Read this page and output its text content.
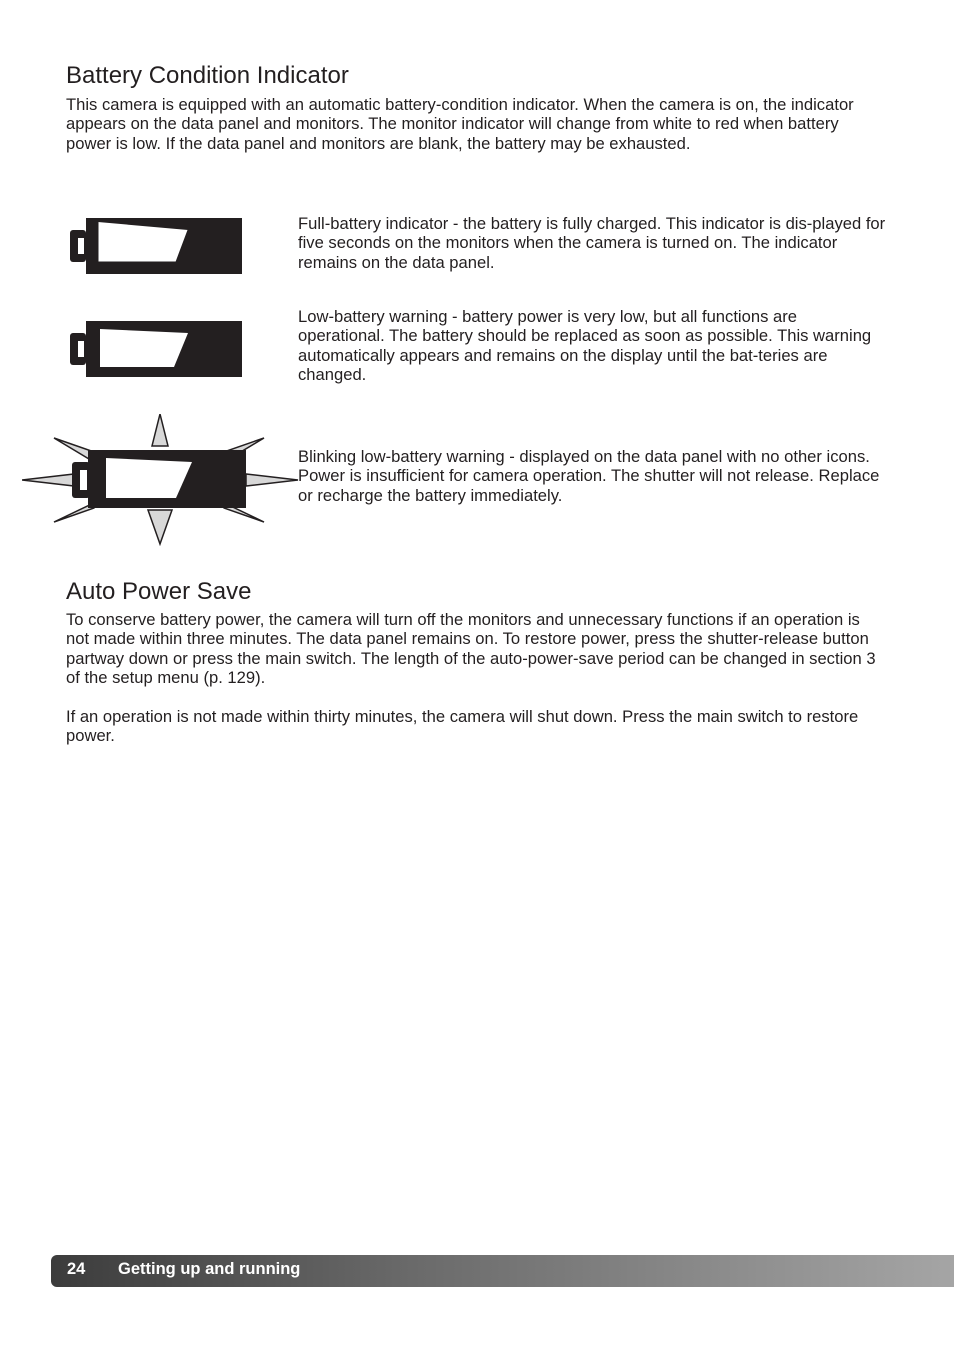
Battery Condition Indicator

This camera is equipped with an automatic battery-condition indicator. When the camera is on, the indicator appears on the data panel and monitors. The monitor indicator will change from white to red when battery power is low. If the data panel and monitors are blank, the battery may be exhausted.

Full-battery indicator - the battery is fully charged. This indicator is dis-played for five seconds on the monitors when the camera is turned on. The indicator remains on the data panel.

Low-battery warning - battery power is very low, but all functions are operational. The battery should be replaced as soon as possible. This warning automatically appears and remains on the display until the bat-teries are changed.

Blinking low-battery warning - displayed on the data panel with no other icons. Power is insufficient for camera operation. The shutter will not release. Replace or recharge the battery immediately.

Auto Power Save

To conserve battery power, the camera will turn off the monitors and unnecessary functions if an operation is not made within three minutes. The data panel remains on. To restore power, press the shutter-release button partway down or press the main switch. The length of the auto-power-save period can be changed in section 3 of the setup menu (p. 129).

If an operation is not made within thirty minutes, the camera will shut down. Press the main switch to restore power.

24 Getting up and running
